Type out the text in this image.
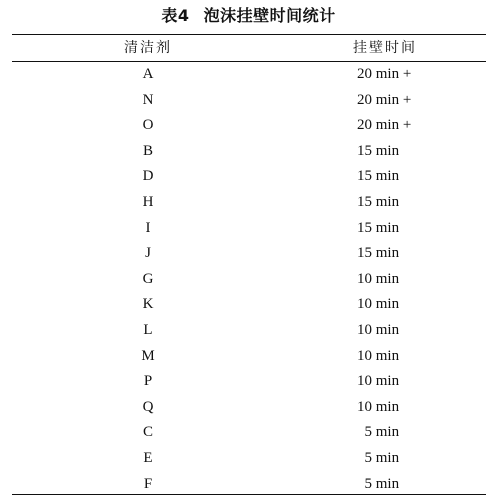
表4 泡沫挂壁时间统计
清洁剂	挂壁时间
A	20 min +
N	20 min +
O	20 min +
B	15 min
D	15 min
H	15 min
I	15 min
J	15 min
G	10 min
K	10 min
L	10 min
M	10 min
P	10 min
Q	10 min
C	5 min
E	5 min
F	5 min
